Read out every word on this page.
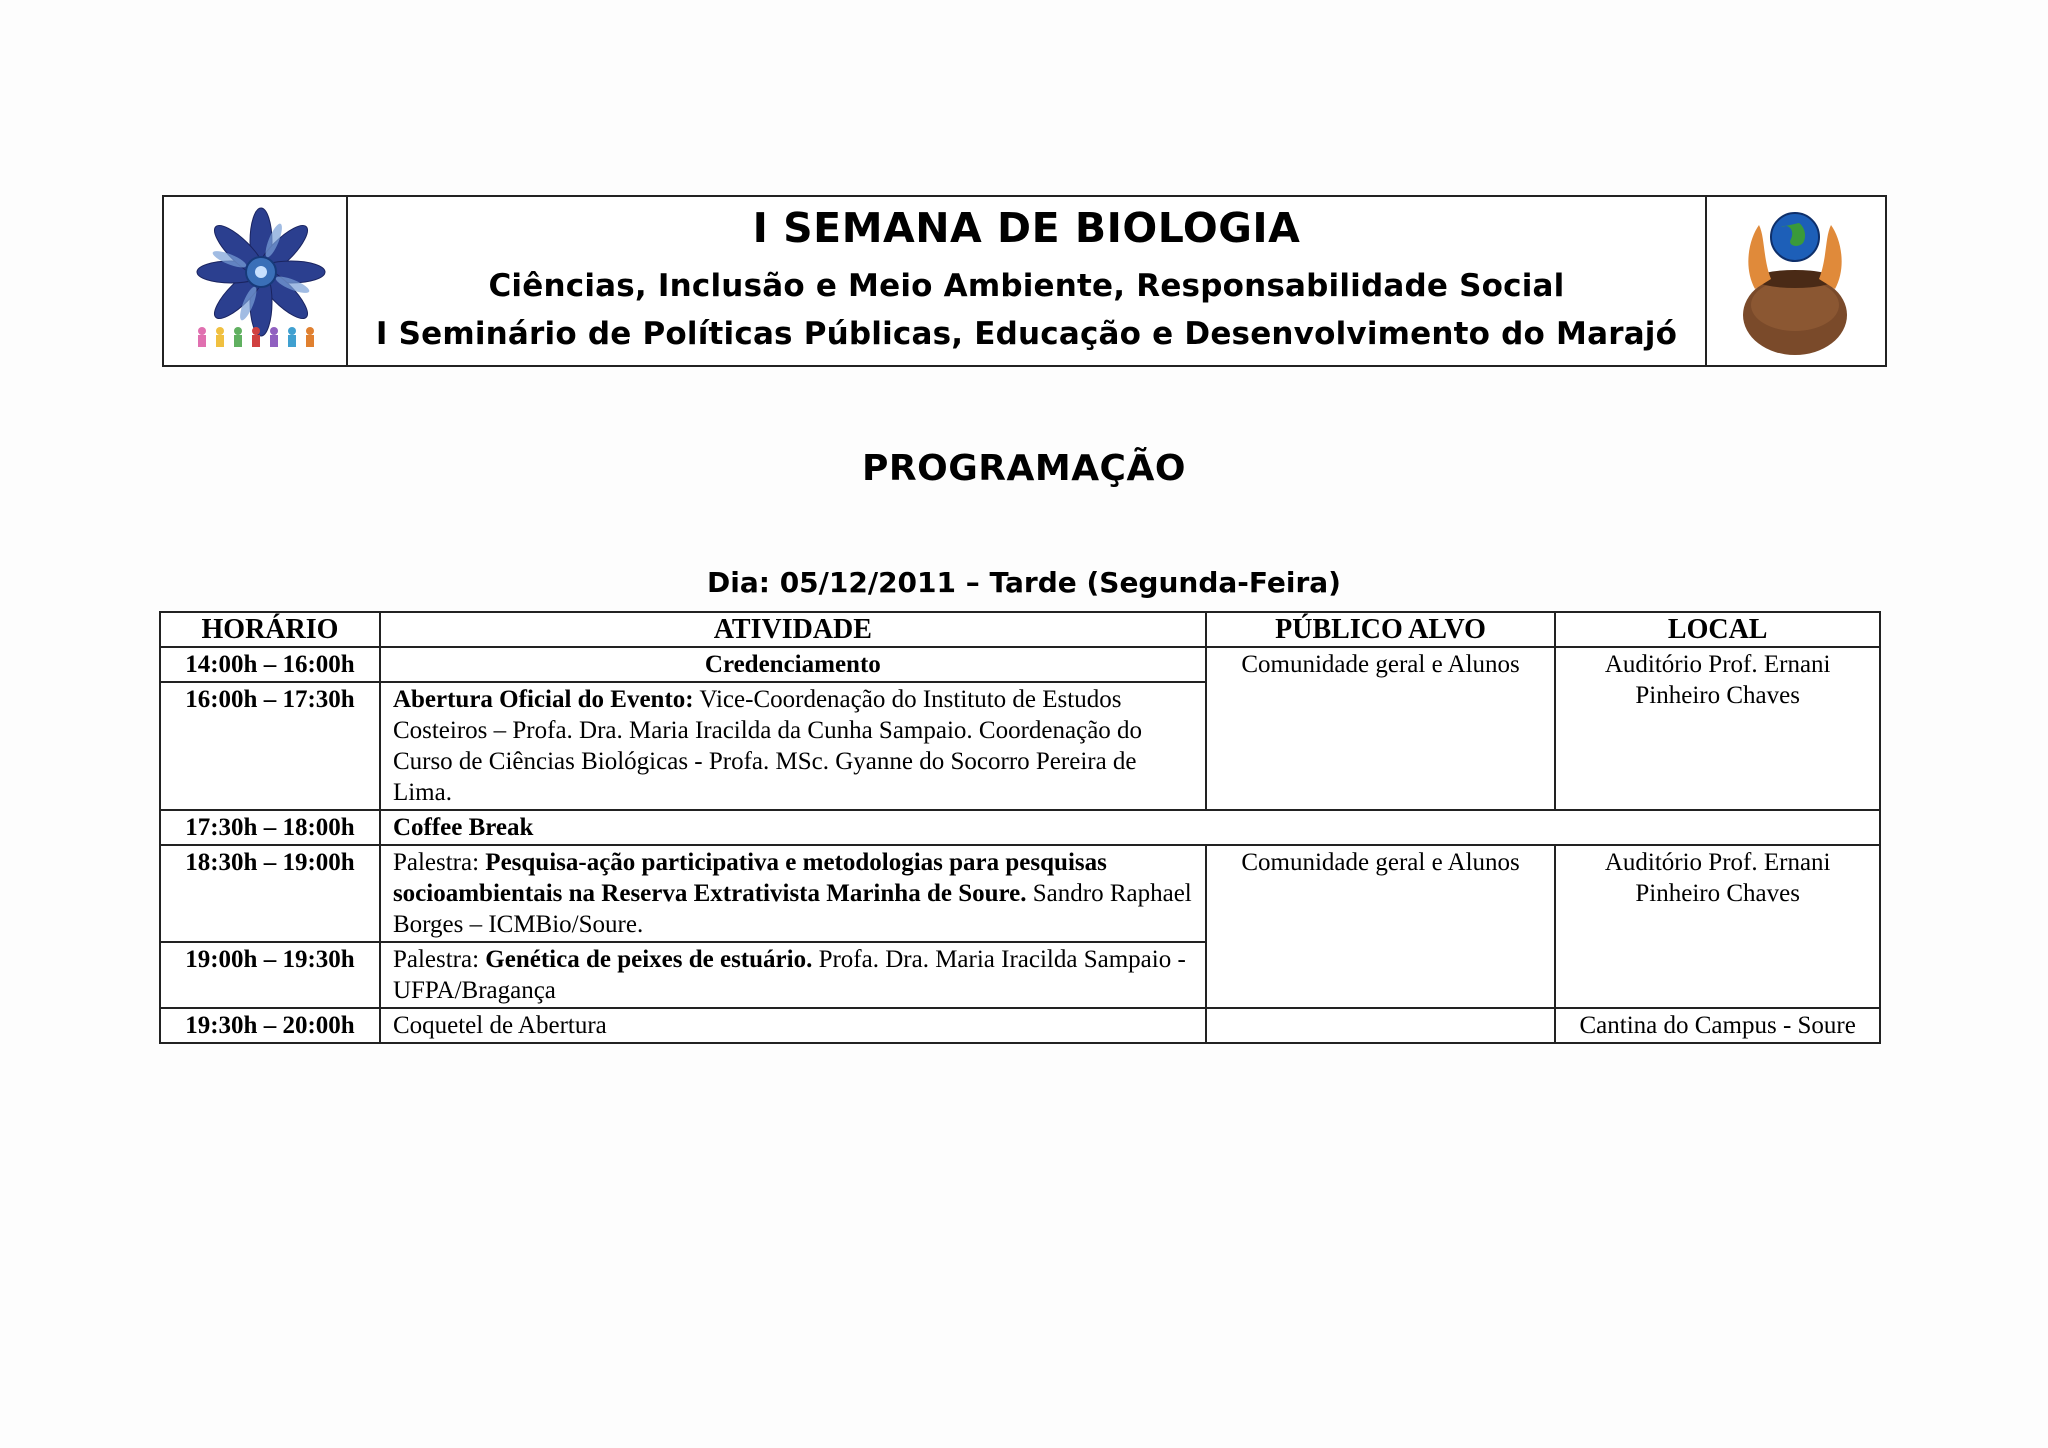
I SEMANA DE BIOLOGIA
Ciências, Inclusão e Meio Ambiente, Responsabilidade Social
I Seminário de Políticas Públicas, Educação e Desenvolvimento do Marajó
PROGRAMAÇÃO
Dia: 05/12/2011 – Tarde (Segunda-Feira)
HORÁRIO	ATIVIDADE	PÚBLICO ALVO	LOCAL
14:00h – 16:00h	Credenciamento	Comunidade geral e Alunos	Auditório Prof. Ernani Pinheiro Chaves
16:00h – 17:30h	Abertura Oficial do Evento: Vice-Coordenação do Instituto de Estudos Costeiros – Profa. Dra. Maria Iracilda da Cunha Sampaio. Coordenação do Curso de Ciências Biológicas - Profa. MSc. Gyanne do Socorro Pereira de Lima.		
17:30h – 18:00h	Coffee Break		
18:30h – 19:00h	Palestra: Pesquisa-ação participativa e metodologias para pesquisas socioambientais na Reserva Extrativista Marinha de Soure. Sandro Raphael Borges – ICMBio/Soure.	Comunidade geral e Alunos	Auditório Prof. Ernani Pinheiro Chaves
19:00h – 19:30h	Palestra: Genética de peixes de estuário. Profa. Dra. Maria Iracilda Sampaio - UFPA/Bragança		
19:30h – 20:00h	Coquetel de Abertura		Cantina do Campus - Soure
